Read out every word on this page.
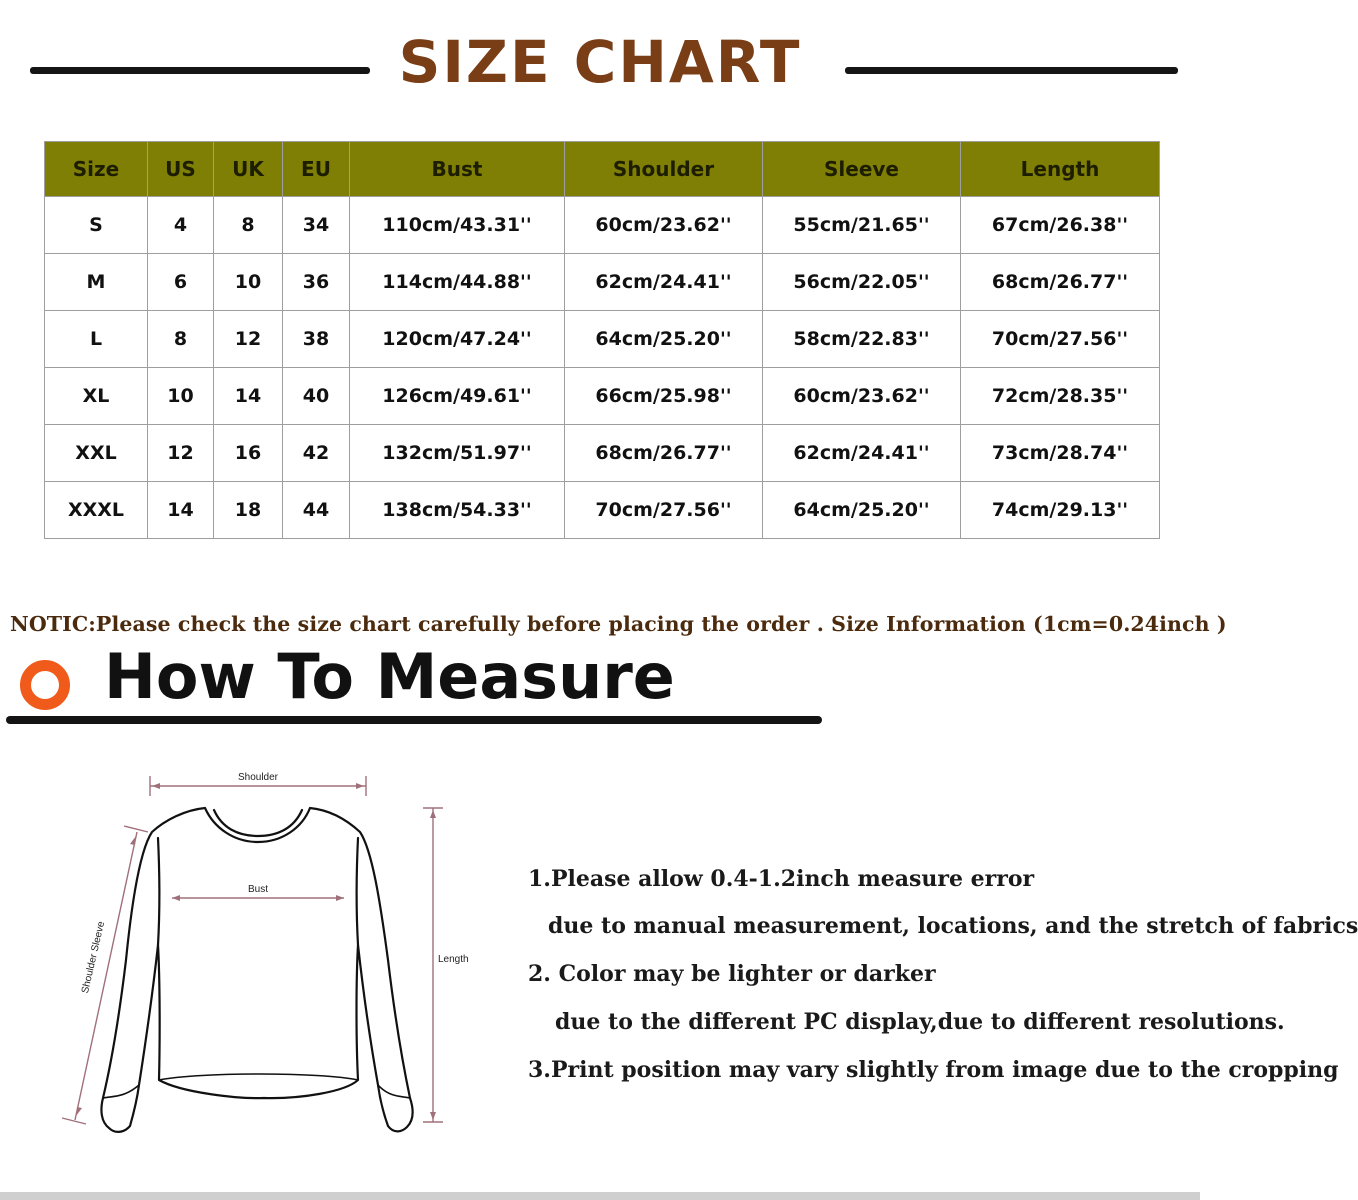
SIZE CHART
Size	US	UK	EU	Bust	Shoulder	Sleeve	Length
S	4	8	34	110cm/43.31''	60cm/23.62''	55cm/21.65''	67cm/26.38''
M	6	10	36	114cm/44.88''	62cm/24.41''	56cm/22.05''	68cm/26.77''
L	8	12	38	120cm/47.24''	64cm/25.20''	58cm/22.83''	70cm/27.56''
XL	10	14	40	126cm/49.61''	66cm/25.98''	60cm/23.62''	72cm/28.35''
XXL	12	16	42	132cm/51.97''	68cm/26.77''	62cm/24.41''	73cm/28.74''
XXXL	14	18	44	138cm/54.33''	70cm/27.56''	64cm/25.20''	74cm/29.13''
NOTIC:Please check the size chart carefully before placing the order . Size Information (1cm=0.24inch )
How To Measure
Shoulder
Bust
Shoulder Sleeve	Length
1.Please allow 0.4-1.2inch measure error
due to manual measurement, locations, and the stretch of fabrics
2. Color may be lighter or darker
due to the different PC display,due to different resolutions.
3.Print position may vary slightly from image due to the cropping
